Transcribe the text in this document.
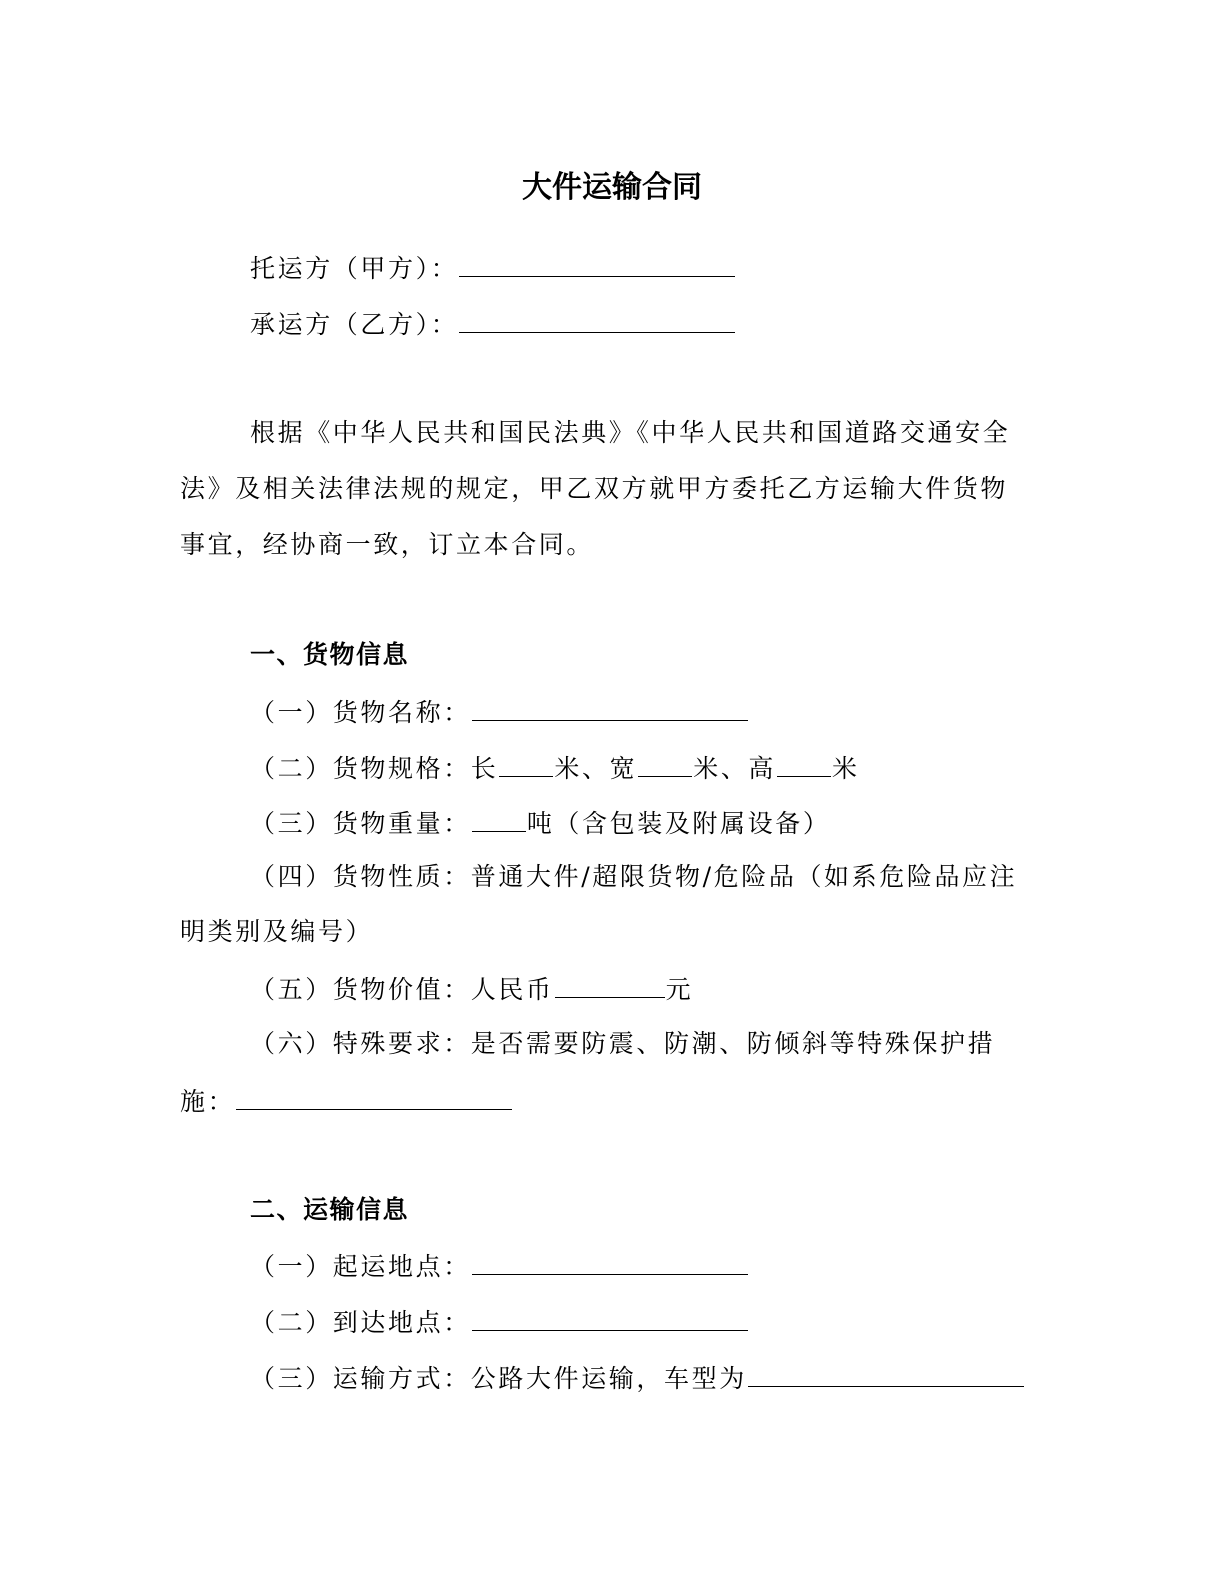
大件运输合同
托运方（甲方）：
承运方（乙方）：
根据《中华人民共和国民法典》《中华人民共和国道路交通安全
法》及相关法律法规的规定，甲乙双方就甲方委托乙方运输大件货物
事宜，经协商一致，订立本合同。
一、货物信息
（一）货物名称：
（二）货物规格：长 米、宽 米、高 米
（三）货物重量： 吨（含包装及附属设备）
（四）货物性质：普通大件/超限货物/危险品（如系危险品应注
明类别及编号）
（五）货物价值：人民币	元
（六）特殊要求：是否需要防震、防潮、防倾斜等特殊保护措
施：
二、运输信息
（一）起运地点：
（二）到达地点：
（三）运输方式：公路大件运输，车型为
